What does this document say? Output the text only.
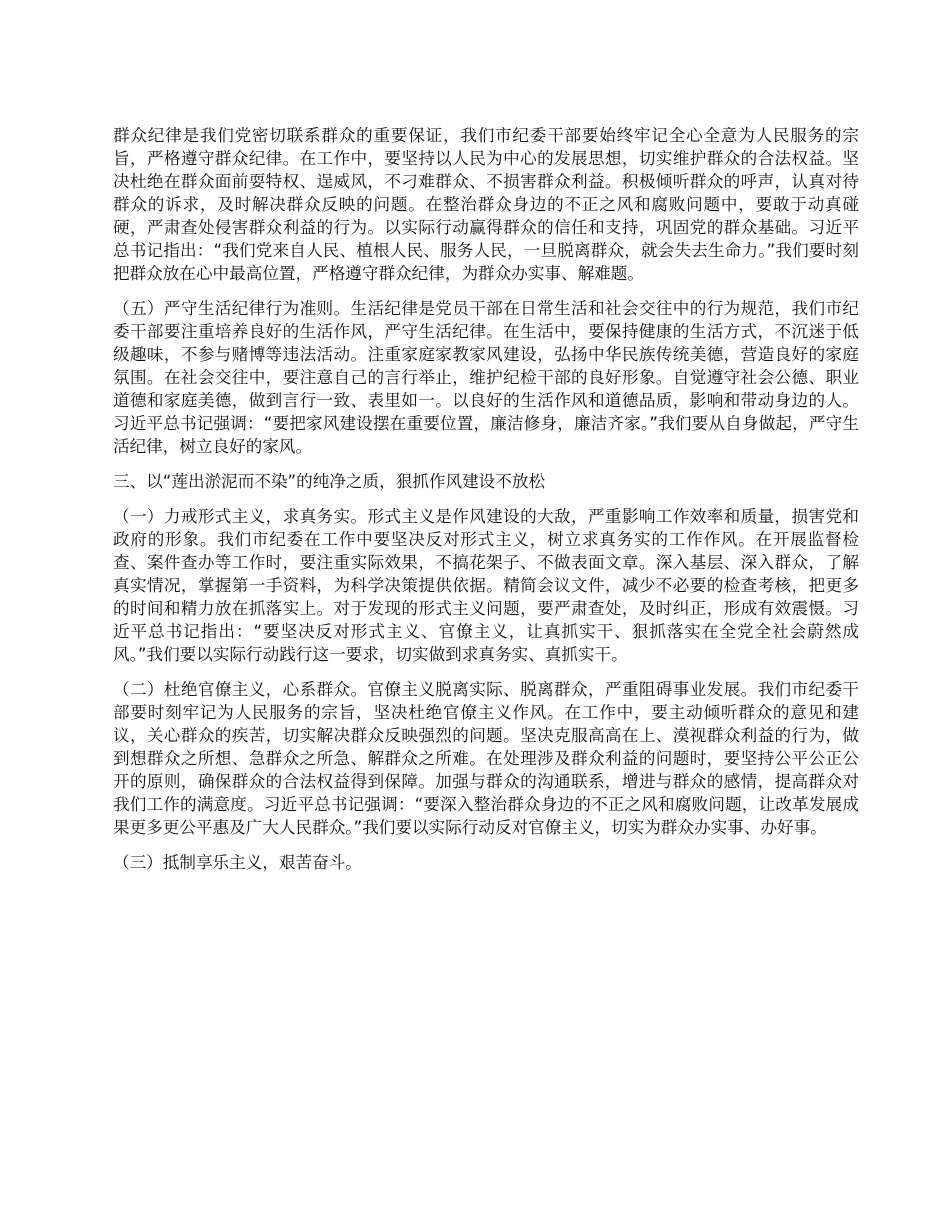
群众纪律是我们党密切联系群众的重要保证，我们市纪委干部要始终牢记全心全意为人民服务的宗旨，严格遵守群众纪律。在工作中，要坚持以人民为中心的发展思想，切实维护群众的合法权益。坚决杜绝在群众面前耍特权、逞威风，不刁难群众、不损害群众利益。积极倾听群众的呼声，认真对待群众的诉求，及时解决群众反映的问题。在整治群众身边的不正之风和腐败问题中，要敢于动真碰硬，严肃查处侵害群众利益的行为。以实际行动赢得群众的信任和支持，巩固党的群众基础。习近平总书记指出：“我们党来自人民、植根人民、服务人民，一旦脱离群众，就会失去生命力。”我们要时刻把群众放在心中最高位置，严格遵守群众纪律，为群众办实事、解难题。

（五）严守生活纪律行为准则。生活纪律是党员干部在日常生活和社会交往中的行为规范，我们市纪委干部要注重培养良好的生活作风，严守生活纪律。在生活中，要保持健康的生活方式，不沉迷于低级趣味，不参与赌博等违法活动。注重家庭家教家风建设，弘扬中华民族传统美德，营造良好的家庭氛围。在社会交往中，要注意自己的言行举止，维护纪检干部的良好形象。自觉遵守社会公德、职业道德和家庭美德，做到言行一致、表里如一。以良好的生活作风和道德品质，影响和带动身边的人。习近平总书记强调：“要把家风建设摆在重要位置，廉洁修身，廉洁齐家。”我们要从自身做起，严守生活纪律，树立良好的家风。

三、以“莲出淤泥而不染”的纯净之质，狠抓作风建设不放松

（一）力戒形式主义，求真务实。形式主义是作风建设的大敌，严重影响工作效率和质量，损害党和政府的形象。我们市纪委在工作中要坚决反对形式主义，树立求真务实的工作作风。在开展监督检查、案件查办等工作时，要注重实际效果，不搞花架子、不做表面文章。深入基层、深入群众，了解真实情况，掌握第一手资料，为科学决策提供依据。精简会议文件，减少不必要的检查考核，把更多的时间和精力放在抓落实上。对于发现的形式主义问题，要严肃查处，及时纠正，形成有效震慑。习近平总书记指出：“要坚决反对形式主义、官僚主义，让真抓实干、狠抓落实在全党全社会蔚然成风。”我们要以实际行动践行这一要求，切实做到求真务实、真抓实干。

（二）杜绝官僚主义，心系群众。官僚主义脱离实际、脱离群众，严重阻碍事业发展。我们市纪委干部要时刻牢记为人民服务的宗旨，坚决杜绝官僚主义作风。在工作中，要主动倾听群众的意见和建议，关心群众的疾苦，切实解决群众反映强烈的问题。坚决克服高高在上、漠视群众利益的行为，做到想群众之所想、急群众之所急、解群众之所难。在处理涉及群众利益的问题时，要坚持公平公正公开的原则，确保群众的合法权益得到保障。加强与群众的沟通联系，增进与群众的感情，提高群众对我们工作的满意度。习近平总书记强调：“要深入整治群众身边的不正之风和腐败问题，让改革发展成果更多更公平惠及广大人民群众。”我们要以实际行动反对官僚主义，切实为群众办实事、办好事。

（三）抵制享乐主义，艰苦奋斗。
